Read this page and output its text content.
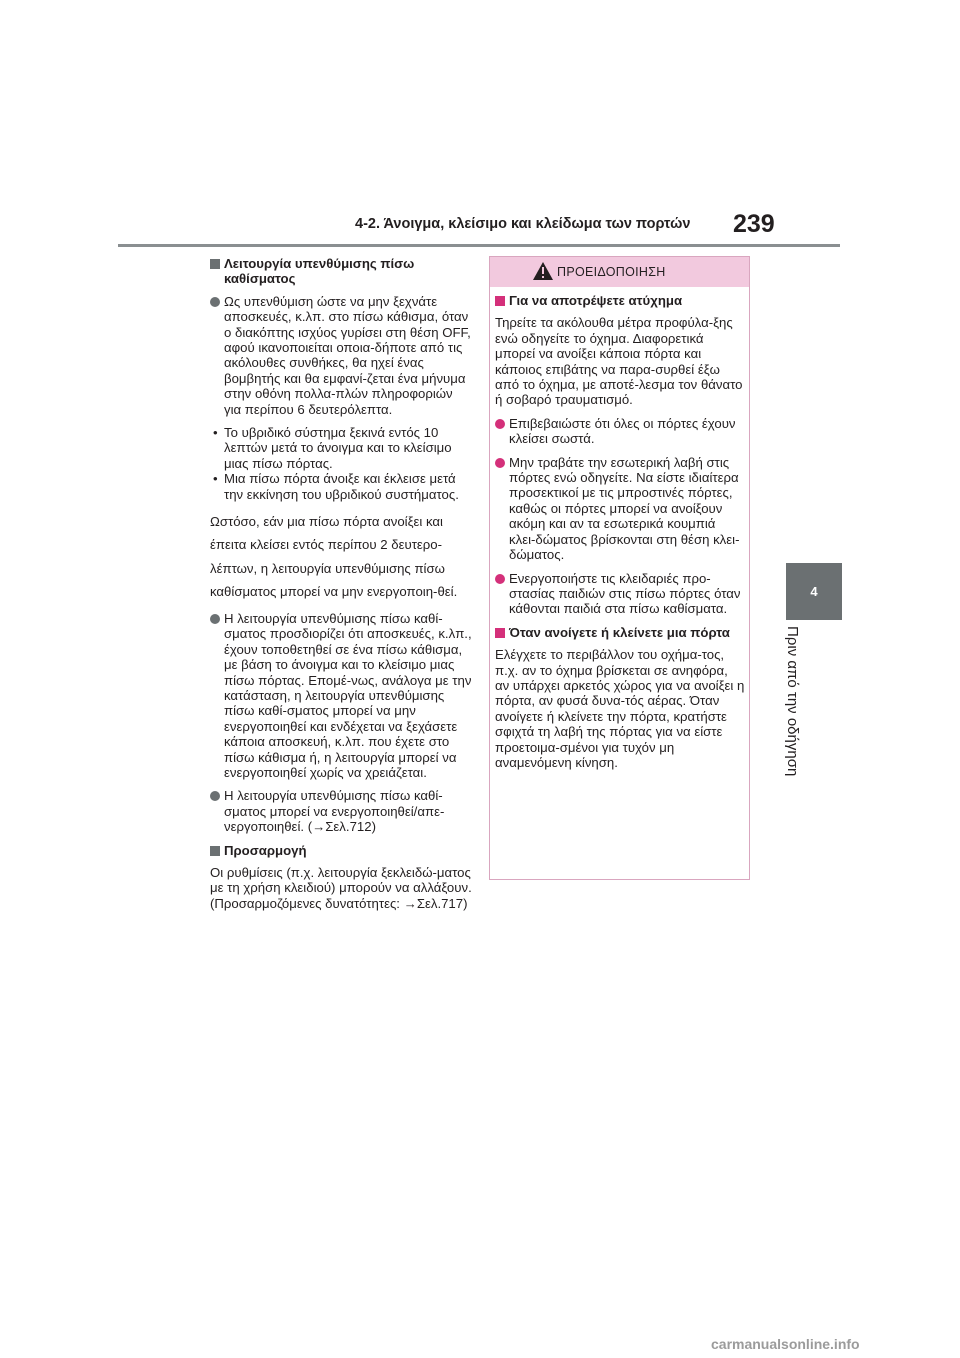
4-2. Άνοιγμα, κλείσιμο και κλείδωμα των πορτών	239
4
Πριν από την οδήγηση
Λειτουργία υπενθύμισης πίσω καθίσματος
Ως υπενθύμιση ώστε να μην ξεχνάτε αποσκευές, κ.λπ. στο πίσω κάθισμα, όταν ο διακόπτης ισχύος γυρίσει στη θέση OFF, αφού ικανοποιείται οποια-δήποτε από τις ακόλουθες συνθήκες, θα ηχεί ένας βομβητής και θα εμφανί-ζεται ένα μήνυμα στην οθόνη πολλα-πλών πληροφοριών για περίπου 6 δευτερόλεπτα.
• Το υβριδικό σύστημα ξεκινά εντός 10 λεπτών μετά το άνοιγμα και το κλείσιμο μιας πίσω πόρτας.
• Μια πίσω πόρτα άνοιξε και έκλεισε μετά την εκκίνηση του υβριδικού συστήματος.
Ωστόσο, εάν μια πίσω πόρτα ανοίξει και έπειτα κλείσει εντός περίπου 2 δευτερο-λέπτων, η λειτουργία υπενθύμισης πίσω καθίσματος μπορεί να μην ενεργοποιη-θεί.
Η λειτουργία υπενθύμισης πίσω καθί-σματος προσδιορίζει ότι αποσκευές, κ.λπ., έχουν τοποθετηθεί σε ένα πίσω κάθισμα, με βάση το άνοιγμα και το κλείσιμο μιας πίσω πόρτας. Επομέ-νως, ανάλογα με την κατάσταση, η λειτουργία υπενθύμισης πίσω καθί-σματος μπορεί να μην ενεργοποιηθεί και ενδέχεται να ξεχάσετε κάποια αποσκευή, κ.λπ. που έχετε στο πίσω κάθισμα ή, η λειτουργία μπορεί να ενεργοποιηθεί χωρίς να χρειάζεται.
Η λειτουργία υπενθύμισης πίσω καθί-σματος μπορεί να ενεργοποιηθεί/απε-νεργοποιηθεί. (→Σελ.712)
Προσαρμογή
Οι ρυθμίσεις (π.χ. λειτουργία ξεκλειδώ-ματος με τη χρήση κλειδιού) μπορούν να αλλάξουν. (Προσαρμοζόμενες δυνατότητες: →Σελ.717)
ΠΡΟΕΙΔΟΠΟΙΗΣΗ
Για να αποτρέψετε ατύχημα
Τηρείτε τα ακόλουθα μέτρα προφύλα-ξης ενώ οδηγείτε το όχημα. Διαφορετικά μπορεί να ανοίξει κάποια πόρτα και κάποιος επιβάτης να παρα-συρθεί έξω από το όχημα, με αποτέ-λεσμα τον θάνατο ή σοβαρό τραυματισμό.
Επιβεβαιώστε ότι όλες οι πόρτες έχουν κλείσει σωστά.
Μην τραβάτε την εσωτερική λαβή στις πόρτες ενώ οδηγείτε. Να είστε ιδιαίτερα προσεκτικοί με τις μπροστινές πόρτες, καθώς οι πόρτες μπορεί να ανοίξουν ακόμη και αν τα εσωτερικά κουμπιά κλει-δώματος βρίσκονται στη θέση κλει-δώματος.
Ενεργοποιήστε τις κλειδαριές προ-στασίας παιδιών στις πίσω πόρτες όταν κάθονται παιδιά στα πίσω καθίσματα.
Όταν ανοίγετε ή κλείνετε μια πόρτα
Ελέγχετε το περιβάλλον του οχήμα-τος, π.χ. αν το όχημα βρίσκεται σε ανηφόρα, αν υπάρχει αρκετός χώρος για να ανοίξει η πόρτα, αν φυσά δυνα-τός αέρας. Όταν ανοίγετε ή κλείνετε την πόρτα, κρατήστε σφιχτά τη λαβή της πόρτας για να είστε προετοιμα-σμένοι για τυχόν μη αναμενόμενη κίνηση.
carmanualsonline.info
